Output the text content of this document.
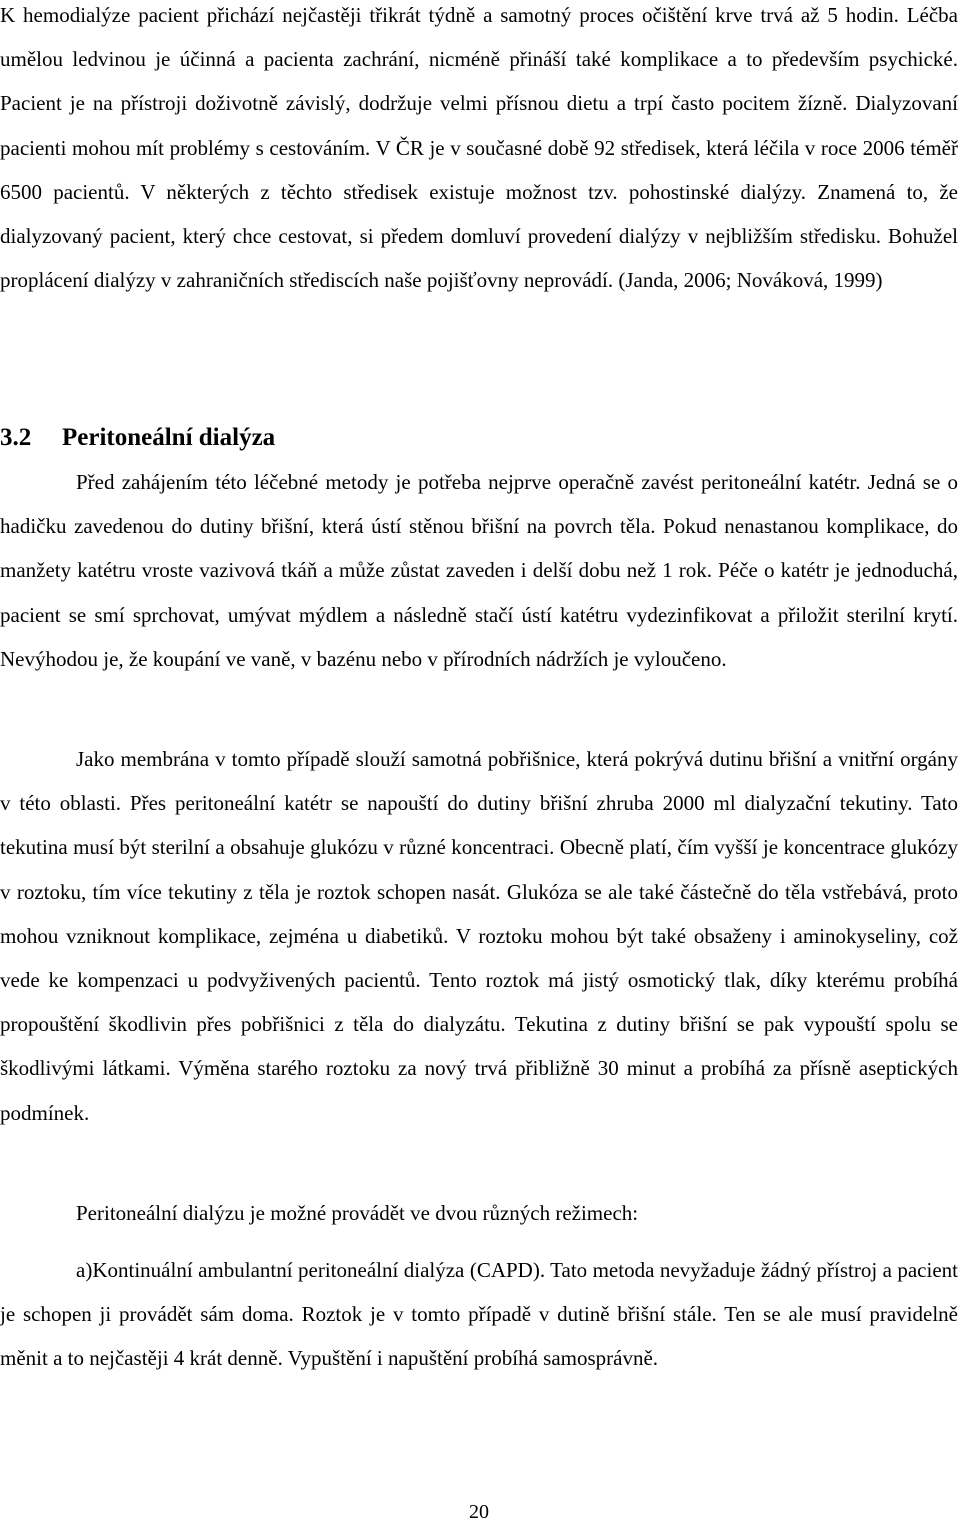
K hemodialýze pacient přichází nejčastěji třikrát týdně a samotný proces očištění krve trvá až 5 hodin. Léčba umělou ledvinou je účinná a pacienta zachrání, nicméně přináší také komplikace a to především psychické. Pacient je na přístroji doživotně závislý, dodržuje velmi přísnou dietu a trpí často pocitem žízně. Dialyzovaní pacienti mohou mít problémy s cestováním. V ČR je v současné době 92 středisek, která léčila v roce 2006 téměř 6500 pacientů. V některých z těchto středisek existuje možnost tzv. pohostinské dialýzy. Znamená to, že dialyzovaný pacient, který chce cestovat, si předem domluví provedení dialýzy v nejbližším středisku. Bohužel proplácení dialýzy v zahraničních střediscích naše pojišťovny neprovádí. (Janda, 2006; Nováková, 1999)

3.2 Peritoneální dialýza

Před zahájením této léčebné metody je potřeba nejprve operačně zavést peritoneální katétr. Jedná se o hadičku zavedenou do dutiny břišní, která ústí stěnou břišní na povrch těla. Pokud nenastanou komplikace, do manžety katétru vroste vazivová tkáň a může zůstat zaveden i delší dobu než 1 rok. Péče o katétr je jednoduchá, pacient se smí sprchovat, umývat mýdlem a následně stačí ústí katétru vydezinfikovat a přiložit sterilní krytí. Nevýhodou je, že koupání ve vaně, v bazénu nebo v přírodních nádržích je vyloučeno.

Jako membrána v tomto případě slouží samotná pobřišnice, která pokrývá dutinu břišní a vnitřní orgány v této oblasti. Přes peritoneální katétr se napouští do dutiny břišní zhruba 2000 ml dialyzační tekutiny. Tato tekutina musí být sterilní a obsahuje glukózu v různé koncentraci. Obecně platí, čím vyšší je koncentrace glukózy v roztoku, tím více tekutiny z těla je roztok schopen nasát. Glukóza se ale také částečně do těla vstřebává, proto mohou vzniknout komplikace, zejména u diabetiků. V roztoku mohou být také obsaženy i aminokyseliny, což vede ke kompenzaci u podvyživených pacientů. Tento roztok má jistý osmotický tlak, díky kterému probíhá propouštění škodlivin přes pobřišnici z těla do dialyzátu. Tekutina z dutiny břišní se pak vypouští spolu se škodlivými látkami. Výměna starého roztoku za nový trvá přibližně 30 minut a probíhá za přísně aseptických podmínek.

Peritoneální dialýzu je možné provádět ve dvou různých režimech:

a)Kontinuální ambulantní peritoneální dialýza (CAPD). Tato metoda nevyžaduje žádný přístroj a pacient je schopen ji provádět sám doma. Roztok je v tomto případě v dutině břišní stále. Ten se ale musí pravidelně měnit a to nejčastěji 4 krát denně. Vypuštění i napuštění probíhá samosprávně.
20
